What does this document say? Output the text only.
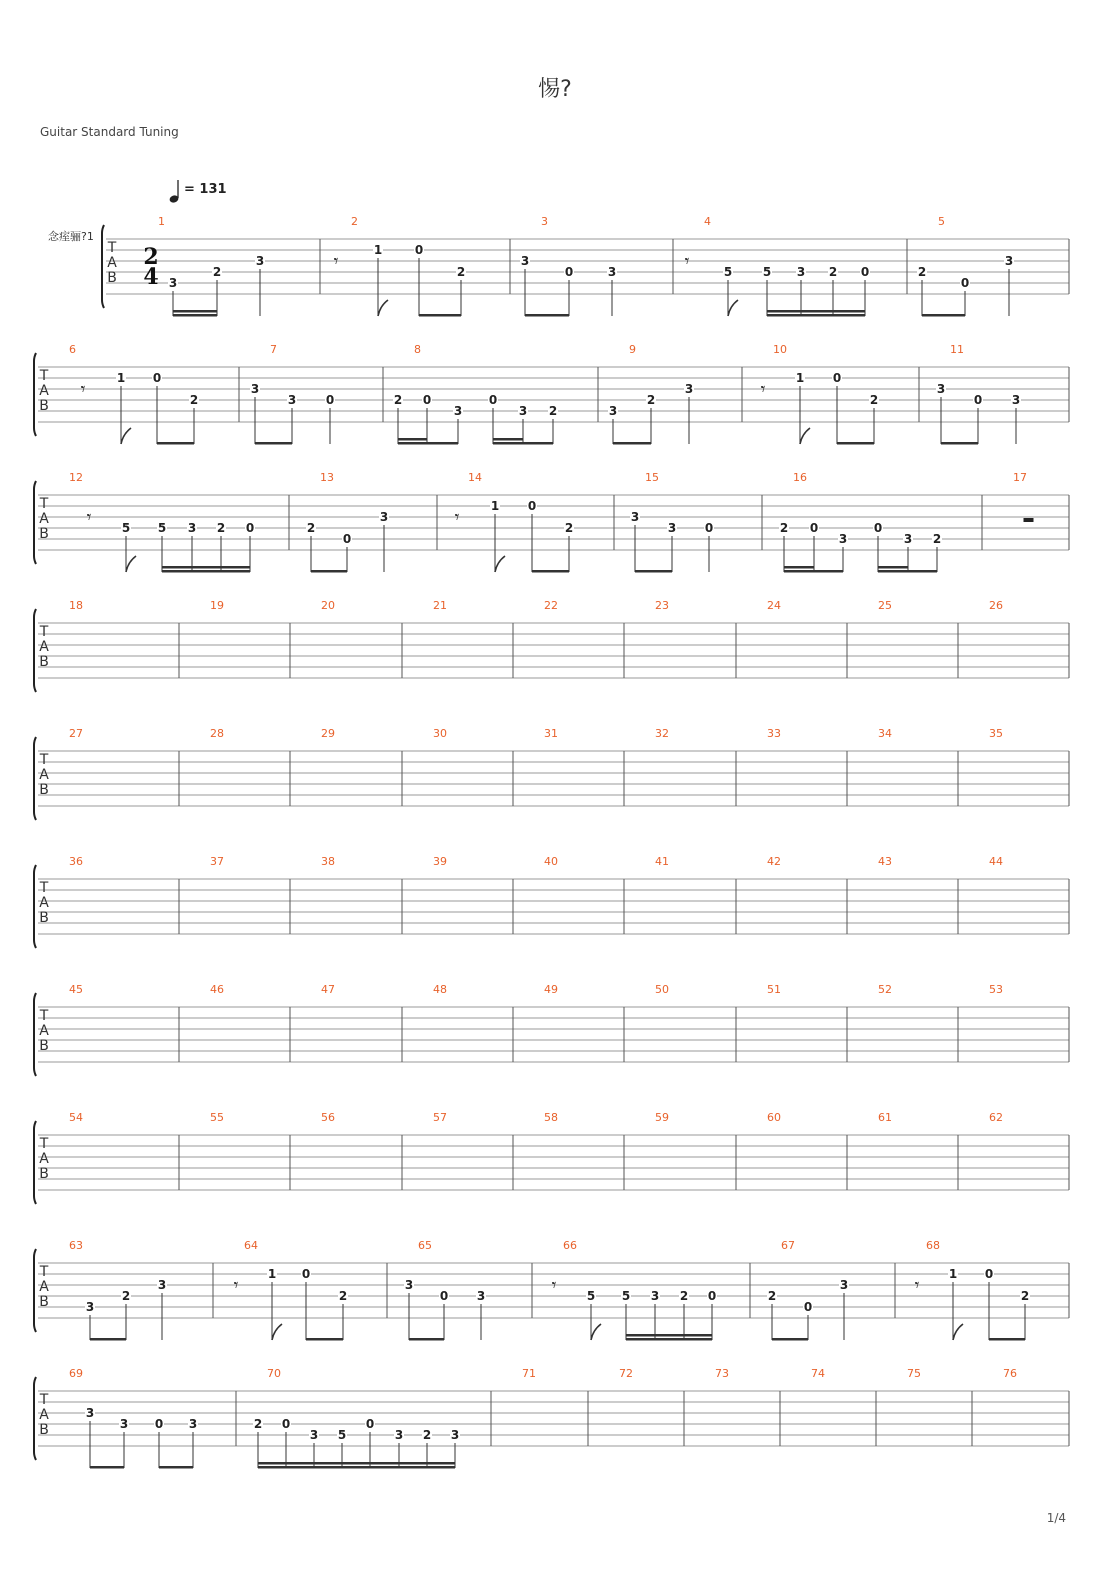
惕?
Guitar Standard Tuning
1/4
= 131
T
A
B
念痓骊?1
2
4
1
3
2
3
2
𝄾
1	0
2
3
3
0	3
4
𝄾	5	5 3 2 0
5
2
0
3
T
A
B
6
𝄾
1 0
2
7
3
3 0
8
2 0
3
0
3 2
9
3
2
3
10
𝄾
1 0
2
11
3
0 3
T
A
B
12
𝄾	5 5 3 2 0
13
2
0
3
14
𝄾
1 0
2
15
3
3 0
16
2 0
3
0
3 2
17
T
A
B
18	19	20	21	22	23	24	25	26
T
A
B
27	28	29	30	31	32	33	34	35
T
A
B
36	37	38	39	40	41	42	43	44
T
A
B
45	46	47	48	49	50	51	52	53
T
A
B
54	55	56	57	58	59	60	61	62
T
A
B
63
3
2
3
64
𝄾
1 0
2
65
3
0 3
66
𝄾	5 5 3 2 0
67
2
0
3
68
𝄾
1 0
2
T
A
B
69
3
3 0 3
70
2 0
3 5
0
3 2 3
71	72	73	74	75	76
